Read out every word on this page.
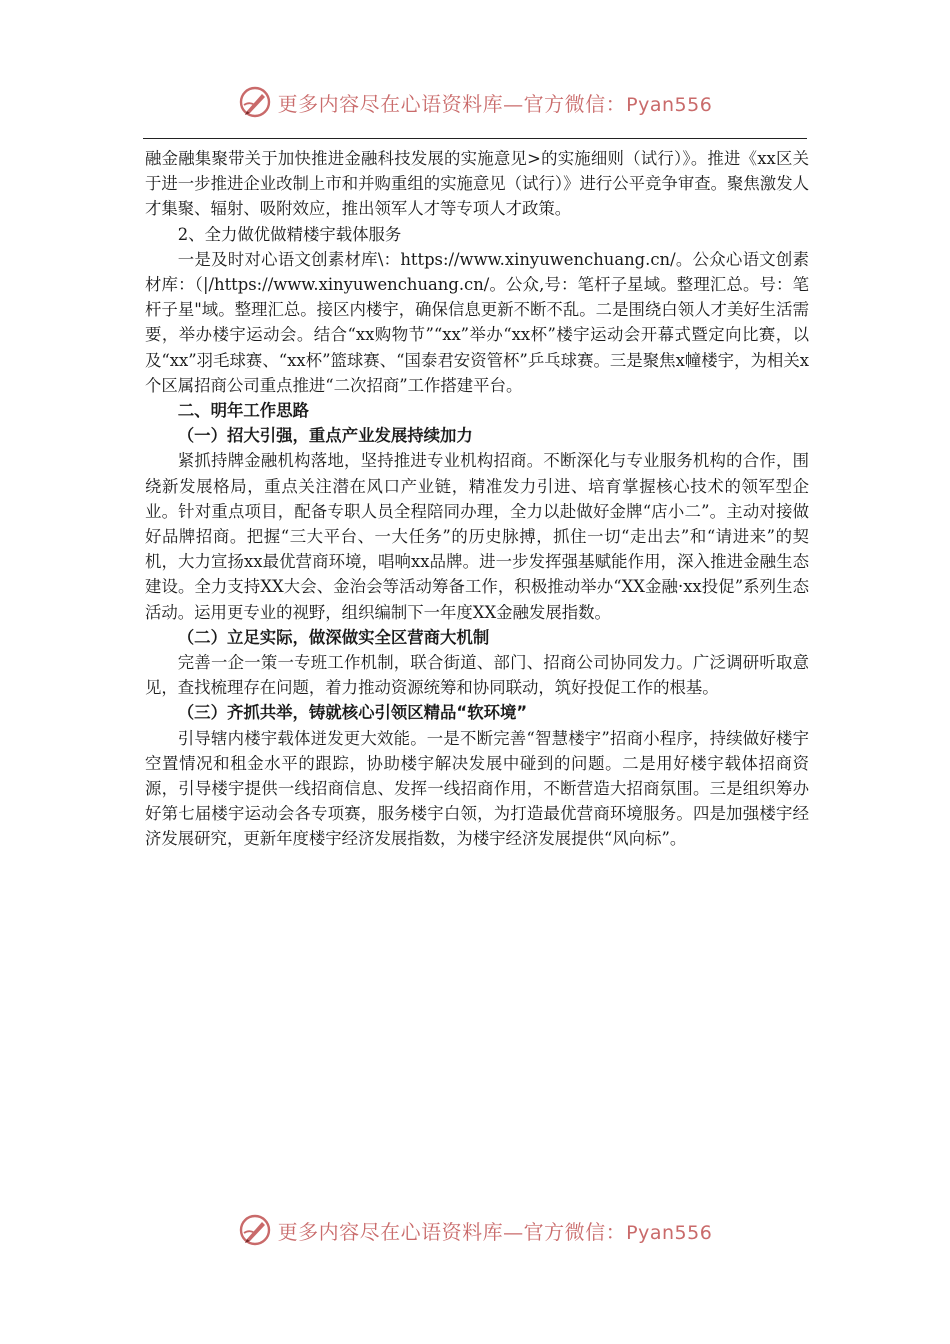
更多内容尽在心语资料库—官方微信：Pyan556

融金融集聚带关于加快推进金融科技发展的实施意见>的实施细则（试行）》。推进《xx区关于进一步推进企业改制上市和并购重组的实施意见（试行）》进行公平竞争审查。聚焦激发人才集聚、辐射、吸附效应，推出领军人才等专项人才政策。

2、全力做优做精楼宇载体服务

一是及时对心语文创素材库\：https://www.xinyuwenchuang.cn/。公众心语文创素材库：（|/https://www.xinyuwenchuang.cn/。公众,号：笔杆子星域。整理汇总。号：笔杆子星"域。整理汇总。接区内楼宇，确保信息更新不断不乱。二是围绕白领人才美好生活需要，举办楼宇运动会。结合“xx购物节”“xx”举办“xx杯”楼宇运动会开幕式暨定向比赛，以及“xx”羽毛球赛、“xx杯”篮球赛、“国泰君安资管杯”乒乓球赛。三是聚焦x幢楼宇，为相关x个区属招商公司重点推进“二次招商”工作搭建平台。

二、明年工作思路

（一）招大引强，重点产业发展持续加力

紧抓持牌金融机构落地，坚持推进专业机构招商。不断深化与专业服务机构的合作，围绕新发展格局，重点关注潜在风口产业链，精准发力引进、培育掌握核心技术的领军型企业。针对重点项目，配备专职人员全程陪同办理，全力以赴做好金牌“店小二”。主动对接做好品牌招商。把握“三大平台、一大任务”的历史脉搏，抓住一切“走出去”和“请进来”的契机，大力宣扬xx最优营商环境，唱响xx品牌。进一步发挥强基赋能作用，深入推进金融生态建设。全力支持XX大会、金治会等活动筹备工作，积极推动举办“XX金融·xx投促”系列生态活动。运用更专业的视野，组织编制下一年度XX金融发展指数。

（二）立足实际，做深做实全区营商大机制

完善一企一策一专班工作机制，联合街道、部门、招商公司协同发力。广泛调研听取意见，查找梳理存在问题，着力推动资源统筹和协同联动，筑好投促工作的根基。

（三）齐抓共举，铸就核心引领区精品“软环境”

引导辖内楼宇载体迸发更大效能。一是不断完善“智慧楼宇”招商小程序，持续做好楼宇空置情况和租金水平的跟踪，协助楼宇解决发展中碰到的问题。二是用好楼宇载体招商资源，引导楼宇提供一线招商信息、发挥一线招商作用，不断营造大招商氛围。三是组织筹办好第七届楼宇运动会各专项赛，服务楼宇白领，为打造最优营商环境服务。四是加强楼宇经济发展研究，更新年度楼宇经济发展指数，为楼宇经济发展提供“风向标”。

更多内容尽在心语资料库—官方微信：Pyan556
